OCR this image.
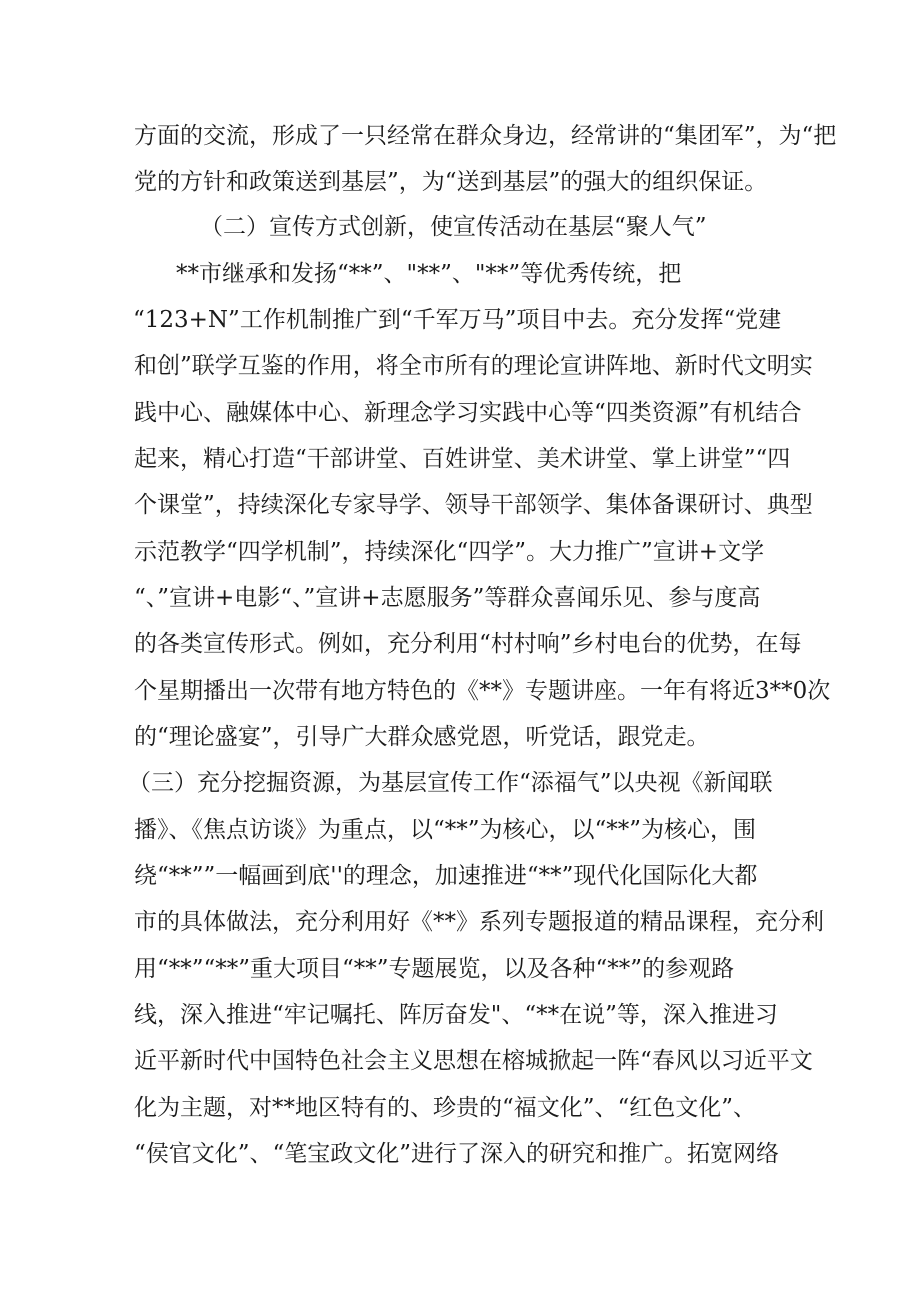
方面的交流，形成了一只经常在群众身边，经常讲的“集团军”，为“把
党的方针和政策送到基层”，为“送到基层”的强大的组织保证。
（二）宣传方式创新，使宣传活动在基层“聚人气”
**市继承和发扬“**”、"**”、"**”等优秀传统，把
“123+N”工作机制推广到“千军万马”项目中去。充分发挥“党建
和创”联学互鉴的作用，将全市所有的理论宣讲阵地、新时代文明实
践中心、融媒体中心、新理念学习实践中心等“四类资源”有机结合
起来，精心打造“干部讲堂、百姓讲堂、美术讲堂、掌上讲堂”“四
个课堂”，持续深化专家导学、领导干部领学、集体备课研讨、典型
示范教学“四学机制”，持续深化“四学”。大力推广”宣讲+文学
“、”宣讲+电影“、”宣讲+志愿服务”等群众喜闻乐见、参与度高
的各类宣传形式。例如，充分利用“村村响”乡村电台的优势，在每
个星期播出一次带有地方特色的《**》专题讲座。一年有将近3**0次
的“理论盛宴”，引导广大群众感党恩，听党话，跟党走。
（三）充分挖掘资源，为基层宣传工作“添福气”以央视《新闻联
播》、《焦点访谈》为重点，以“**”为核心，以“**”为核心，围
绕“**””一幅画到底''的理念，加速推进“**”现代化国际化大都
市的具体做法，充分利用好《**》系列专题报道的精品课程，充分利
用“**”“**”重大项目“**”专题展览，以及各种“**”的参观路
线，深入推进“牢记嘱托、阵厉奋发"、“**在说”等，深入推进习
近平新时代中国特色社会主义思想在榕城掀起一阵“春风以习近平文
化为主题，对**地区特有的、珍贵的“福文化”、“红色文化”、
“侯官文化”、“笔宝政文化”进行了深入的研究和推广。拓宽网络
